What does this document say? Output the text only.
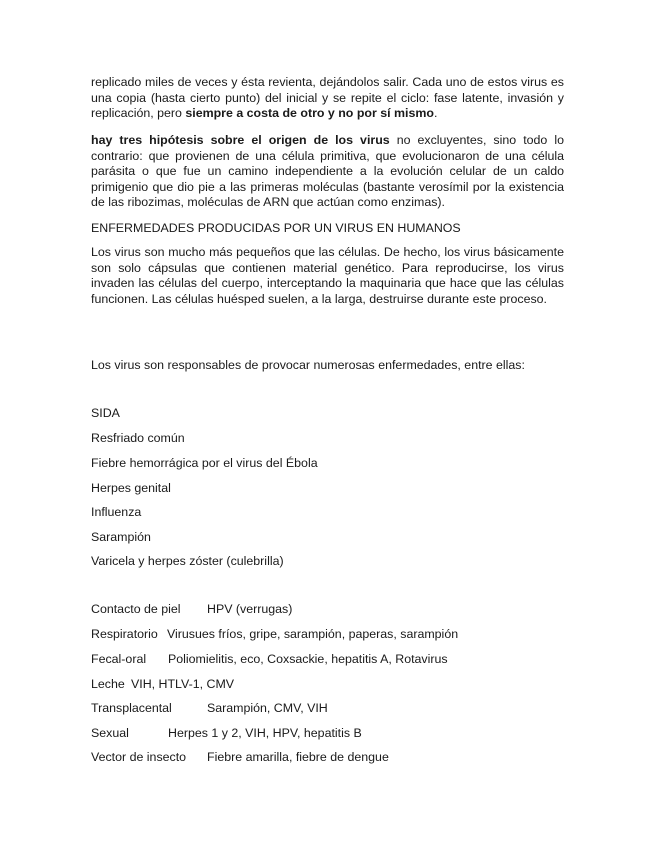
replicado miles de veces y ésta revienta, dejándolos salir. Cada uno de estos virus es una copia (hasta cierto punto) del inicial y se repite el ciclo: fase latente, invasión y replicación, pero siempre a costa de otro y no por sí mismo.

hay tres hipótesis sobre el origen de los virus no excluyentes, sino todo lo contrario: que provienen de una célula primitiva, que evolucionaron de una célula parásita o que fue un camino independiente a la evolución celular de un caldo primigenio que dio pie a las primeras moléculas (bastante verosímil por la existencia de las ribozimas, moléculas de ARN que actúan como enzimas).

ENFERMEDADES PRODUCIDAS POR UN VIRUS EN HUMANOS

Los virus son mucho más pequeños que las células. De hecho, los virus básicamente son solo cápsulas que contienen material genético. Para reproducirse, los virus invaden las células del cuerpo, interceptando la maquinaria que hace que las células funcionen. Las células huésped suelen, a la larga, destruirse durante este proceso.

Los virus son responsables de provocar numerosas enfermedades, entre ellas:

SIDA

Resfriado común

Fiebre hemorrágica por el virus del Ébola

Herpes genital

Influenza

Sarampión

Varicela y herpes zóster (culebrilla)

Contacto de piel HPV (verrugas)
Respiratorio Virusues fríos, gripe, sarampión, paperas, sarampión
Fecal-oral Poliomielitis, eco, Coxsackie, hepatitis A, Rotavirus
Leche VIH, HTLV-1, CMV
Transplacental	Sarampión, CMV, VIH
Sexual	Herpes 1 y 2, VIH, HPV, hepatitis B
Vector de insecto Fiebre amarilla, fiebre de dengue
